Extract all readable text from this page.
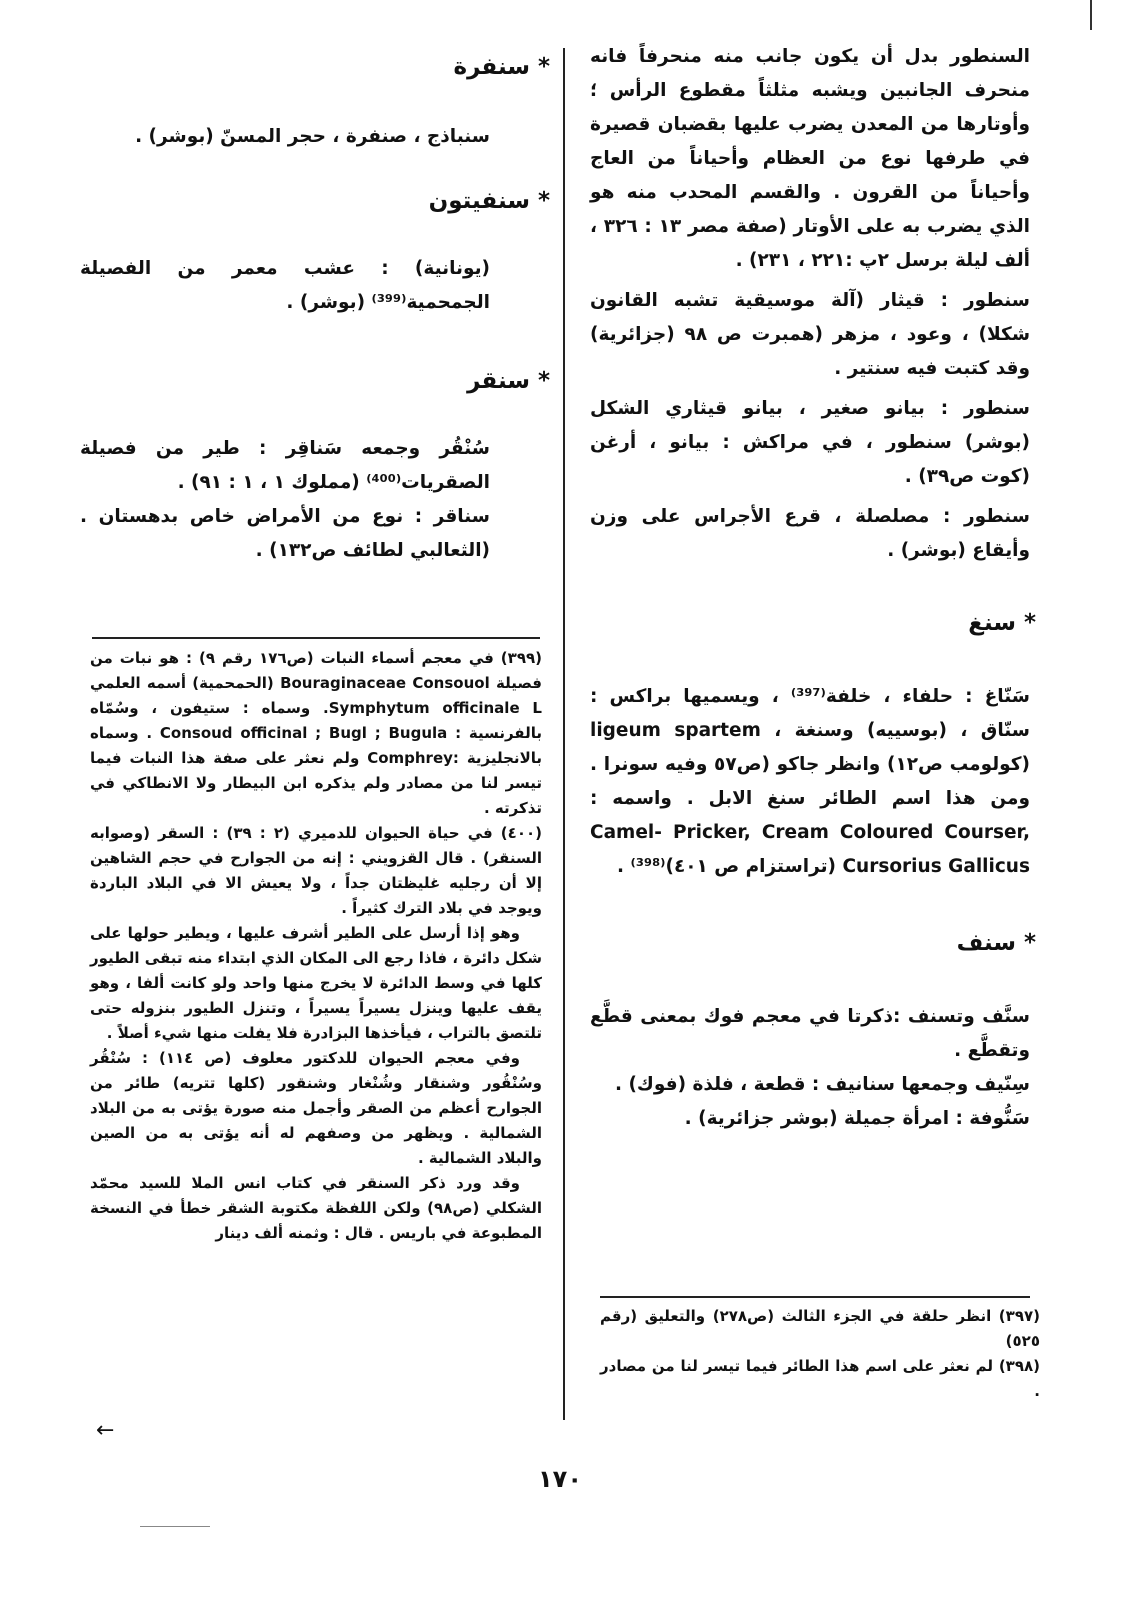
السنطور بدل أن يكون جانب منه منحرفاً فانه منحرف الجانبين ويشبه مثلثاً مقطوع الرأس ؛ وأوتارها من المعدن يضرب عليها بقضبان قصيرة في طرفها نوع من العظام وأحياناً من العاج وأحياناً من القرون . والقسم المحدب منه هو الذي يضرب به على الأوتار (صفة مصر ١٣ : ٣٢٦ ، ألف ليلة برسل ٢پ :٢٢١ ، ٢٣١) .

سنطور : قيثار (آلة موسيقية تشبه القانون شكلا) ، وعود ، مزهر (همبرت ص ٩٨ (جزائرية) وقد كتبت فيه سنتير .

سنطور : بيانو صغير ، بيانو قيثاري الشكل (بوشر) سنطور ، في مراكش : بيانو ، أرغن (كوت ص٣٩) .

سنطور : مصلصلة ، قرع الأجراس على وزن وأيقاع (بوشر) .

* سنغ

سَنّاغ : حلفاء ، خلفة⁽³⁹⁷⁾ ، ويسميها براكس : سنّاق ، (بوسييه) وسنغة ، ligeum spartem (كولومب ص١٢) وانظر جاكو (ص٥٧ وفيه سونرا . ومن هذا اسم الطائر سنغ الابل . واسمه : Camel- Pricker, Cream Coloured Courser, Cursorius Gallicus (تراستزام ص ٤٠١)⁽³⁹⁸⁾ .

* سنف

سنَّف وتسنف :ذكرتا في معجم فوك بمعنى قطَّع وتقطَّع .

سِنّيف وجمعها سنانيف : قطعة ، فلذة (فوك) .

سَنُّوفة : امرأة جميلة (بوشر جزائرية) .

(٣٩٧) انظر حلقة في الجزء الثالث (ص٢٧٨) والتعليق (رقم ٥٢٥)

(٣٩٨) لم نعثر على اسم هذا الطائر فيما تيسر لنا من مصادر .

* سنفرة

سنباذج ، صنفرة ، حجر المسنّ (بوشر) .

* سنفيتون

(يونانية) : عشب معمر من الفصيلة الجمحمية⁽³⁹⁹⁾ (بوشر) .

* سنقر

سُنْقُر وجمعه سَناقِر : طير من فصيلة الصقريات⁽⁴⁰⁰⁾ (مملوك ١ ، ١ : ٩١) .

سناقر : نوع من الأمراض خاص بدهستان . (الثعالبي لطائف ص١٣٢) .

(٣٩٩) في معجم أسماء النبات (ص١٧٦ رقم ٩) : هو نبات من فصيلة Bouraginaceae Consouol (الحمحمية) أسمه العلمي Symphytum officinale L. وسماه : ستيفون ، وسُمّاه بالفرنسية : Consoud officinal ; Bugl ; Bugula . وسماه بالانجليزية :Comphrey ولم نعثر على صفة هذا النبات فيما تيسر لنا من مصادر ولم يذكره ابن البيطار ولا الانطاكي في تذكرته .

(٤٠٠) في حياة الحيوان للدميري (٢ : ٣٩) : السقر (وصوابه السنقر) . قال القزويني : إنه من الجوارح في حجم الشاهين إلا أن رجليه غليظتان جداً ، ولا يعيش الا في البلاد الباردة ويوجد في بلاد الترك كثيراً .

وهو إذا أرسل على الطير أشرف عليها ، ويطير حولها على شكل دائرة ، فاذا رجع الى المكان الذي ابتداء منه تبقى الطيور كلها في وسط الدائرة لا يخرج منها واحد ولو كانت ألفا ، وهو يقف عليها وينزل يسيراً يسيراً ، وتنزل الطيور بنزوله حتى تلتصق بالتراب ، فيأخذها البزادرة فلا يفلت منها شيء أصلاً .

وفي معجم الحيوان للدكتور معلوف (ص ١١٤) : سُنْقُر وسُنْقُور وشنقار وشُنْغار وشنقور (كلها تتريه) طائر من الجوارح أعظم من الصقر وأجمل منه صورة يؤتى به من البلاد الشمالية . ويظهر من وصفهم له أنه يؤتى به من الصين والبلاد الشمالية .

وقد ورد ذكر السنقر في كتاب انس الملا للسيد محمّد الشكلي (ص٩٨) ولكن اللفظة مكتوبة الشقر خطأ في النسخة المطبوعة في باريس . قال : وثمنه ألف دينار

←
١٧٠
